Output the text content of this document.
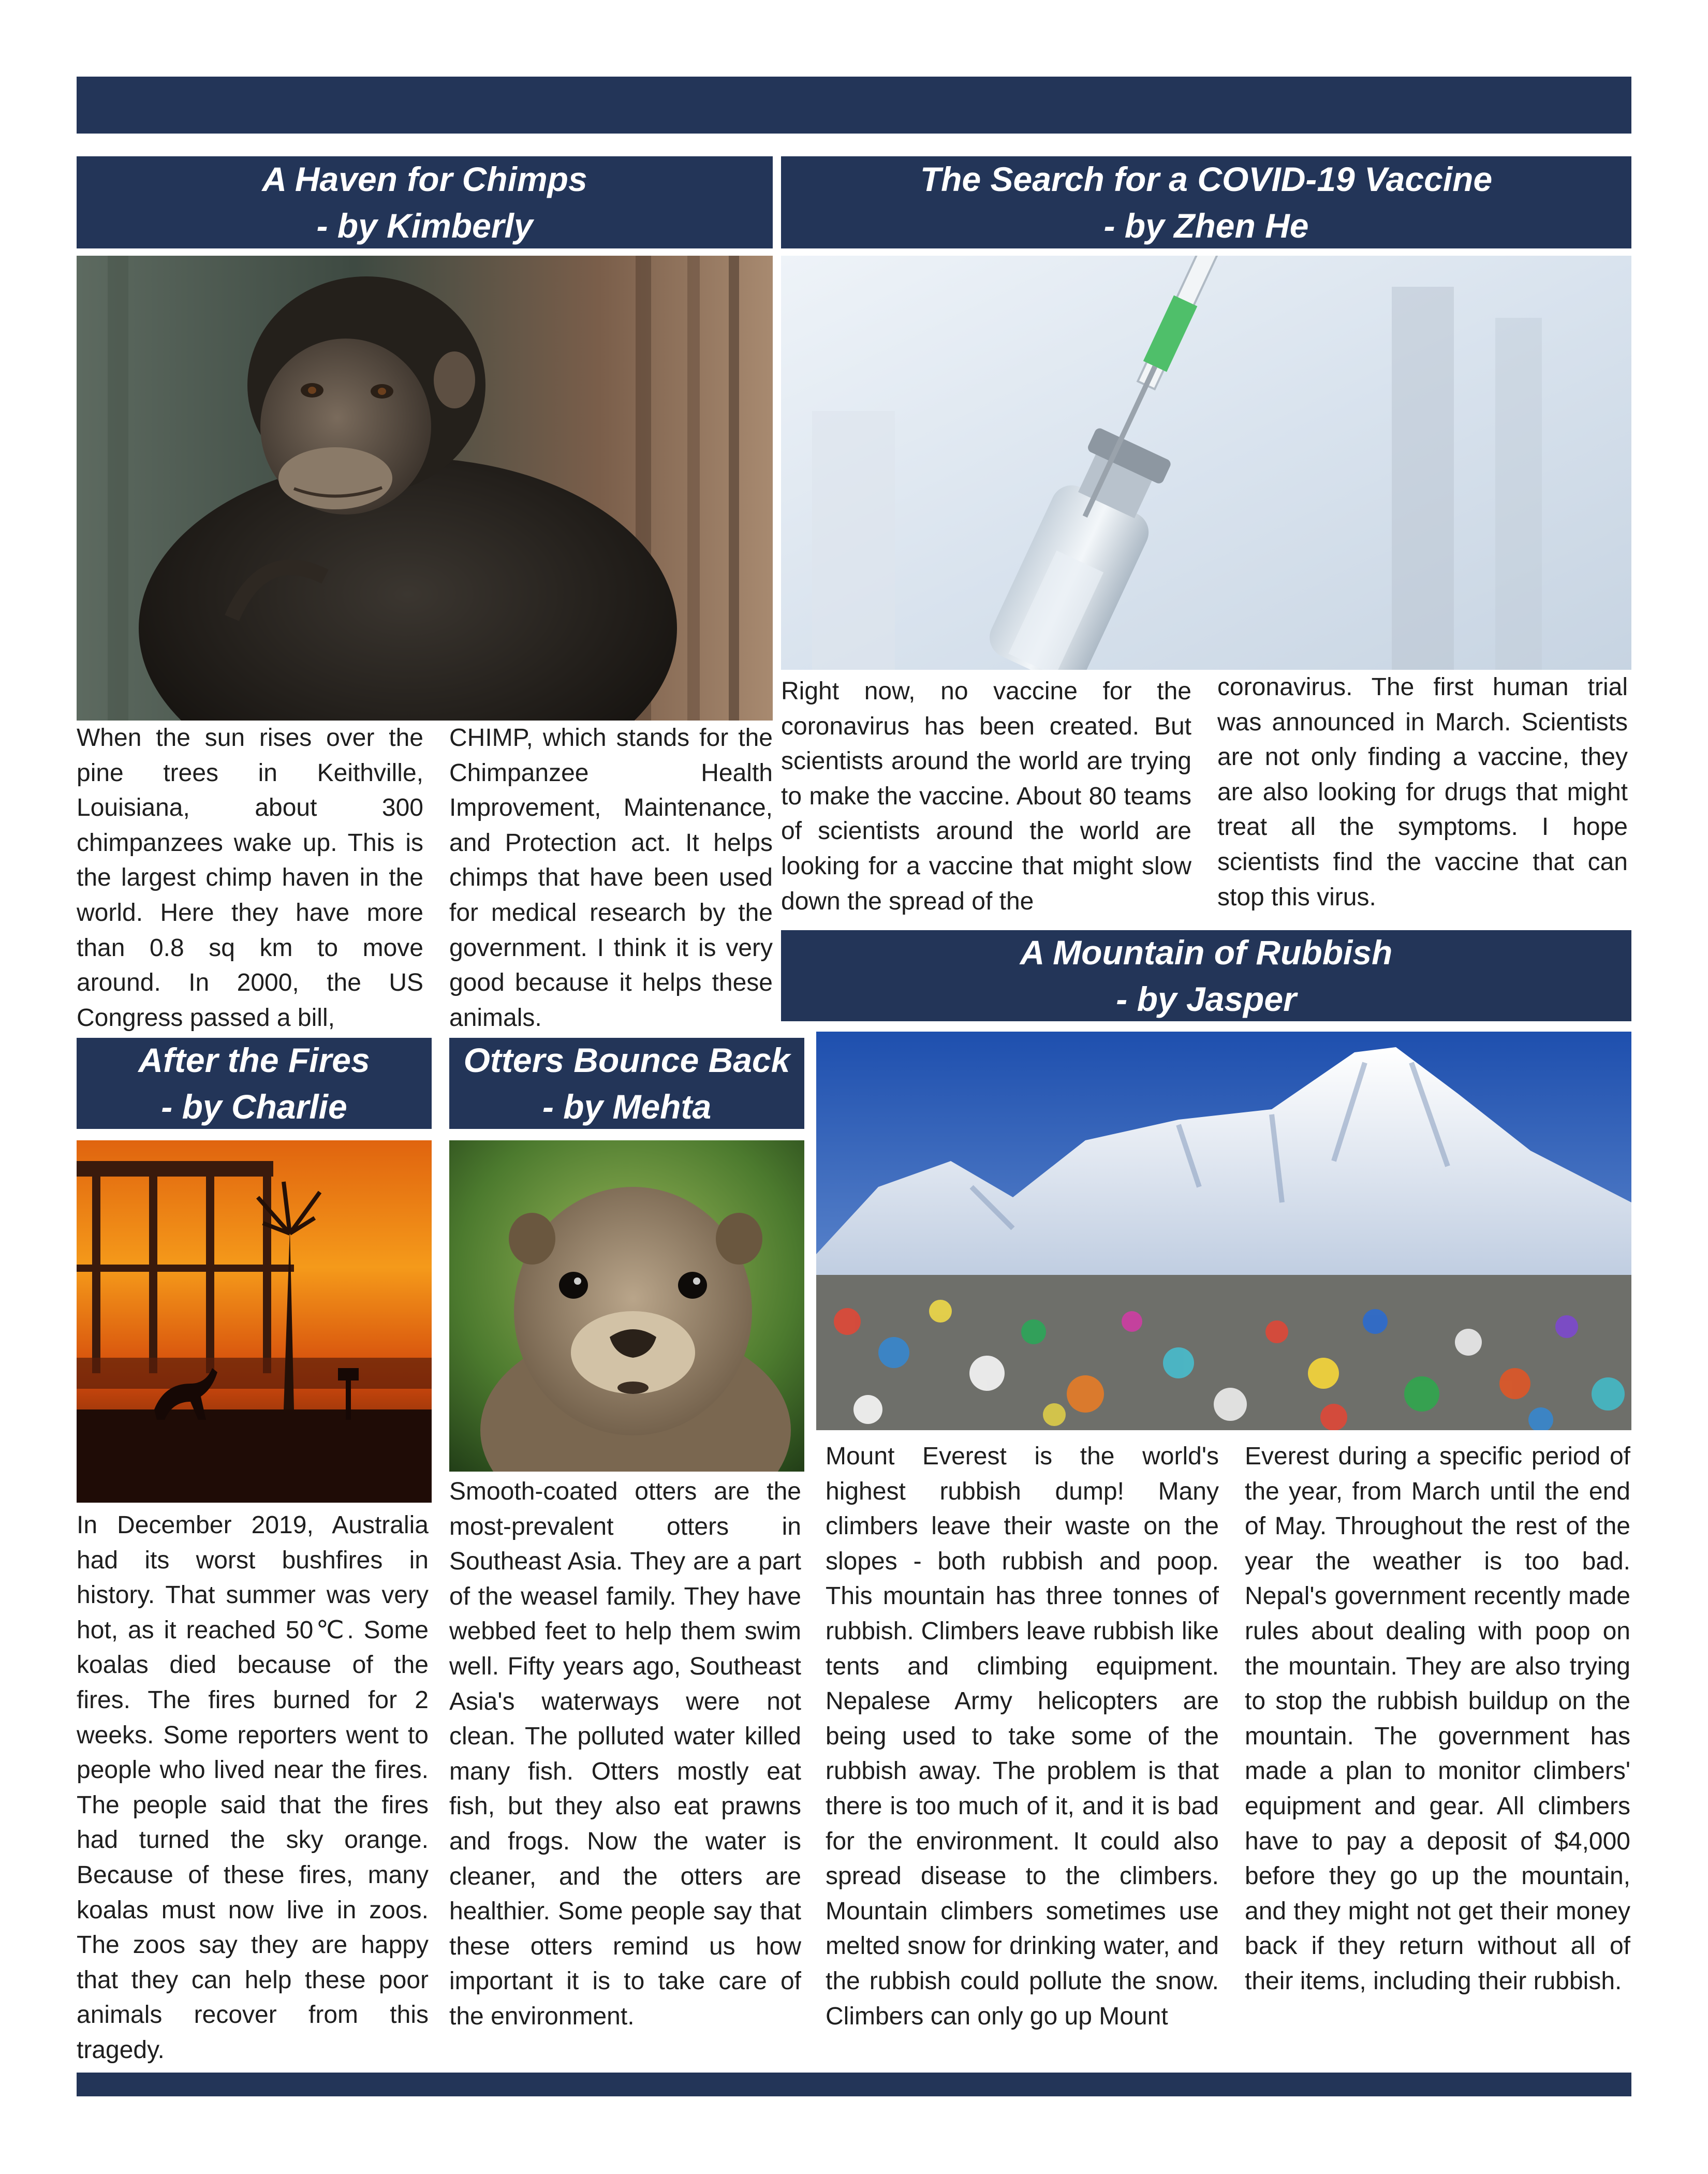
A Haven for Chimps
- by Kimberly
When the sun rises over the pine trees in Keithville, Louisiana, about 300 chimpanzees wake up. This is the largest chimp haven in the world. Here they have more than 0.8 sq km to move around. In 2000, the US Congress passed a bill,
CHIMP, which stands for the Chimpanzee Health Improvement, Maintenance, and Protection act. It helps chimps that have been used for medical research by the government. I think it is very good because it helps these animals.
The Search for a COVID-19 Vaccine
- by Zhen He
Right now, no vaccine for the coronavirus has been created. But scientists around the world are trying to make the vaccine. About 80 teams of scientists around the world are looking for a vaccine that might slow down the spread of the
coronavirus. The first human trial was announced in March. Scientists are not only finding a vaccine, they are also looking for drugs that might treat all the symptoms. I hope scientists find the vaccine that can stop this virus.
After the Fires
- by Charlie
In December 2019, Australia had its worst bushfires in history. That summer was very hot, as it reached 50℃. Some koalas died because of the fires. The fires burned for 2 weeks. Some reporters went to people who lived near the fires. The people said that the fires had turned the sky orange. Because of these fires, many koalas must now live in zoos. The zoos say they are happy that they can help these poor animals recover from this tragedy.
Otters Bounce Back
- by Mehta
Smooth-coated otters are the most-prevalent otters in Southeast Asia. They are a part of the weasel family. They have webbed feet to help them swim well. Fifty years ago, Southeast Asia's waterways were not clean. The polluted water killed many fish. Otters mostly eat fish, but they also eat prawns and frogs. Now the water is cleaner, and the otters are healthier. Some people say that these otters remind us how important it is to take care of the environment.
A Mountain of Rubbish
- by Jasper
Mount Everest is the world's highest rubbish dump! Many climbers leave their waste on the slopes - both rubbish and poop. This mountain has three tonnes of rubbish. Climbers leave rubbish like tents and climbing equipment. Nepalese Army helicopters are being used to take some of the rubbish away. The problem is that there is too much of it, and it is bad for the environment. It could also spread disease to the climbers. Mountain climbers sometimes use melted snow for drinking water, and the rubbish could pollute the snow. Climbers can only go up Mount
Everest during a specific period of the year, from March until the end of May. Throughout the rest of the year the weather is too bad. Nepal's government recently made rules about dealing with poop on the mountain. They are also trying to stop the rubbish buildup on the mountain. The government has made a plan to monitor climbers' equipment and gear. All climbers have to pay a deposit of $4,000 before they go up the mountain, and they might not get their money back if they return without all of their items, including their rubbish.
